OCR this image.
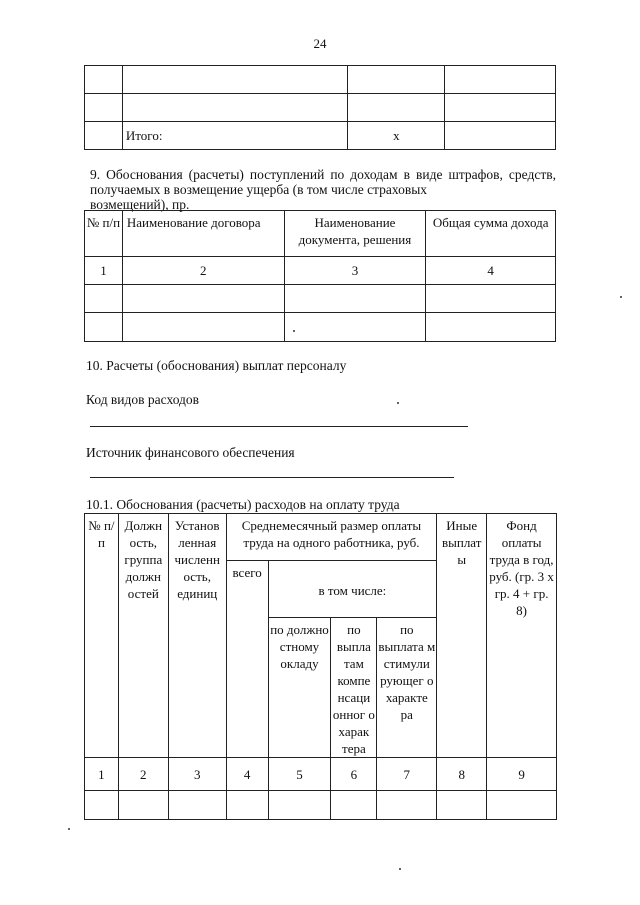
24

	Итого:	x	
9. Обоснования (расчеты) поступлений по доходам в виде штрафов, средств, получаемых в возмещение ущерба (в том числе страховых
возмещений), пр.
№ п/п	Наименование договора	Наименование документа, решения	Общая сумма дохода
1	2	3	4

10. Расчеты (обоснования) выплат персоналу
Код видов расходов
Источник финансового обеспечения
10.1. Обоснования (расчеты) расходов на оплату труда
№ п/п	Должн ость, группа должн остей	Установ ленная численн ость, единиц	Среднемесячный размер оплаты труда на одного работника, руб.				Иные выплат ы	Фонд оплаты труда в год, руб. (гр. 3 x гр. 4 + гр. 8)
			всего	в том числе:				
				по должно стному окладу	по выпла там компе нсаци онног о харак тера	по выплата м стимули рующег о характе ра		
1	2	3	4	5	6	7	8	9
